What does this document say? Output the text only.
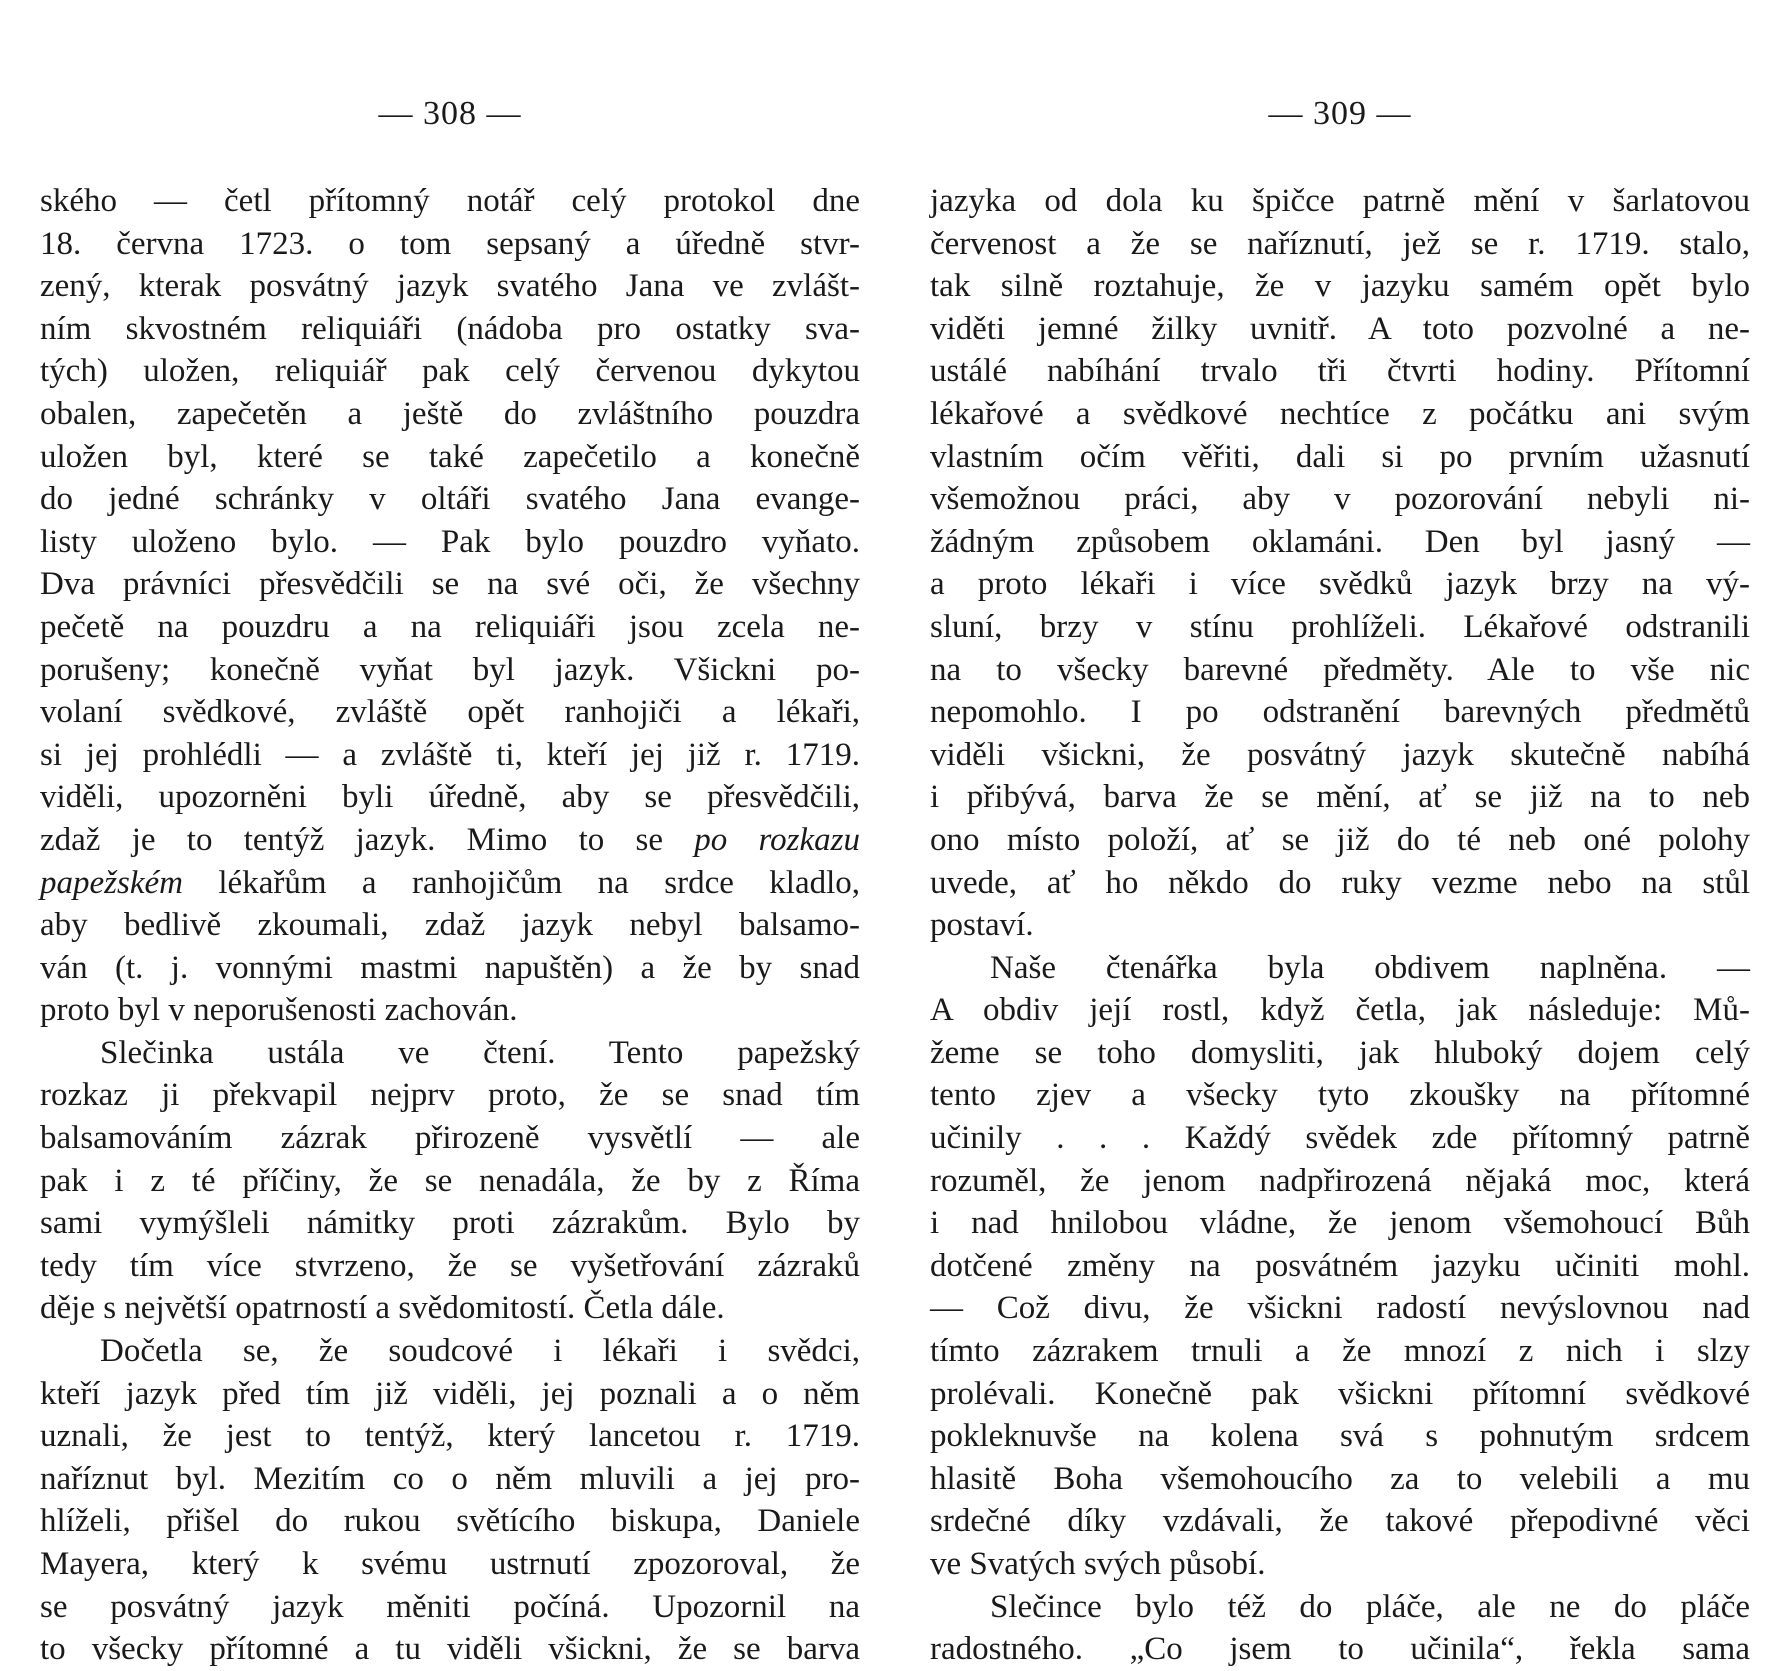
— 308 —
ského — četl přítomný notář celý protokol dne
18. června 1723. o tom sepsaný a úředně stvr-
zený, kterak posvátný jazyk svatého Jana ve zvlášt-
ním skvostném reliquiáři (nádoba pro ostatky sva-
tých) uložen, reliquiář pak celý červenou dykytou
obalen, zapečetěn a ještě do zvláštního pouzdra
uložen byl, které se také zapečetilo a konečně
do jedné schránky v oltáři svatého Jana evange-
listy uloženo bylo. — Pak bylo pouzdro vyňato.
Dva právníci přesvědčili se na své oči, že všechny
pečetě na pouzdru a na reliquiáři jsou zcela ne-
porušeny; konečně vyňat byl jazyk. Všickni po-
volaní svědkové, zvláště opět ranhojiči a lékaři,
si jej prohlédli — a zvláště ti, kteří jej již r. 1719.
viděli, upozorněni byli úředně, aby se přesvědčili,
zdaž je to tentýž jazyk. Mimo to se po rozkazu
papežském lékařům a ranhojičům na srdce kladlo,
aby bedlivě zkoumali, zdaž jazyk nebyl balsamo-
ván (t. j. vonnými mastmi napuštěn) a že by snad
proto byl v neporušenosti zachován.
Slečinka ustála ve čtení. Tento papežský
rozkaz ji překvapil nejprv proto, že se snad tím
balsamováním zázrak přirozeně vysvětlí — ale
pak i z té příčiny, že se nenadála, že by z Říma
sami vymýšleli námitky proti zázrakům. Bylo by
tedy tím více stvrzeno, že se vyšetřování zázraků
děje s největší opatrností a svědomitostí. Četla dále.
Dočetla se, že soudcové i lékaři i svědci,
kteří jazyk před tím již viděli, jej poznali a o něm
uznali, že jest to tentýž, který lancetou r. 1719.
naříznut byl. Mezitím co o něm mluvili a jej pro-
hlíželi, přišel do rukou světícího biskupa, Daniele
Mayera, který k svému ustrnutí zpozoroval, že
se posvátný jazyk měniti počíná. Upozornil na
to všecky přítomné a tu viděli všickni, že se barva
— 309 —
jazyka od dola ku špičce patrně mění v šarlatovou
červenost a že se naříznutí, jež se r. 1719. stalo,
tak silně roztahuje, že v jazyku samém opět bylo
viděti jemné žilky uvnitř. A toto pozvolné a ne-
ustálé nabíhání trvalo tři čtvrti hodiny. Přítomní
lékařové a svědkové nechtíce z počátku ani svým
vlastním očím věřiti, dali si po prvním užasnutí
všemožnou práci, aby v pozorování nebyli ni-
žádným způsobem oklamáni. Den byl jasný —
a proto lékaři i více svědků jazyk brzy na vý-
sluní, brzy v stínu prohlíželi. Lékařové odstranili
na to všecky barevné předměty. Ale to vše nic
nepomohlo. I po odstranění barevných předmětů
viděli všickni, že posvátný jazyk skutečně nabíhá
i přibývá, barva že se mění, ať se již na to neb
ono místo položí, ať se již do té neb oné polohy
uvede, ať ho někdo do ruky vezme nebo na stůl
postaví.
Naše čtenářka byla obdivem naplněna. —
A obdiv její rostl, když četla, jak následuje: Mů-
žeme se toho domysliti, jak hluboký dojem celý
tento zjev a všecky tyto zkoušky na přítomné
učinily . . . Každý svědek zde přítomný patrně
rozuměl, že jenom nadpřirozená nějaká moc, která
i nad hnilobou vládne, že jenom všemohoucí Bůh
dotčené změny na posvátném jazyku učiniti mohl.
— Což divu, že všickni radostí nevýslovnou nad
tímto zázrakem trnuli a že mnozí z nich i slzy
prolévali. Konečně pak všickni přítomní svědkové
pokleknuvše na kolena svá s pohnutým srdcem
hlasitě Boha všemohoucího za to velebili a mu
srdečné díky vzdávali, že takové přepodivné věci
ve Svatých svých působí.
Slečince bylo též do pláče, ale ne do pláče
radostného. „Co jsem to učinila“, řekla sama
